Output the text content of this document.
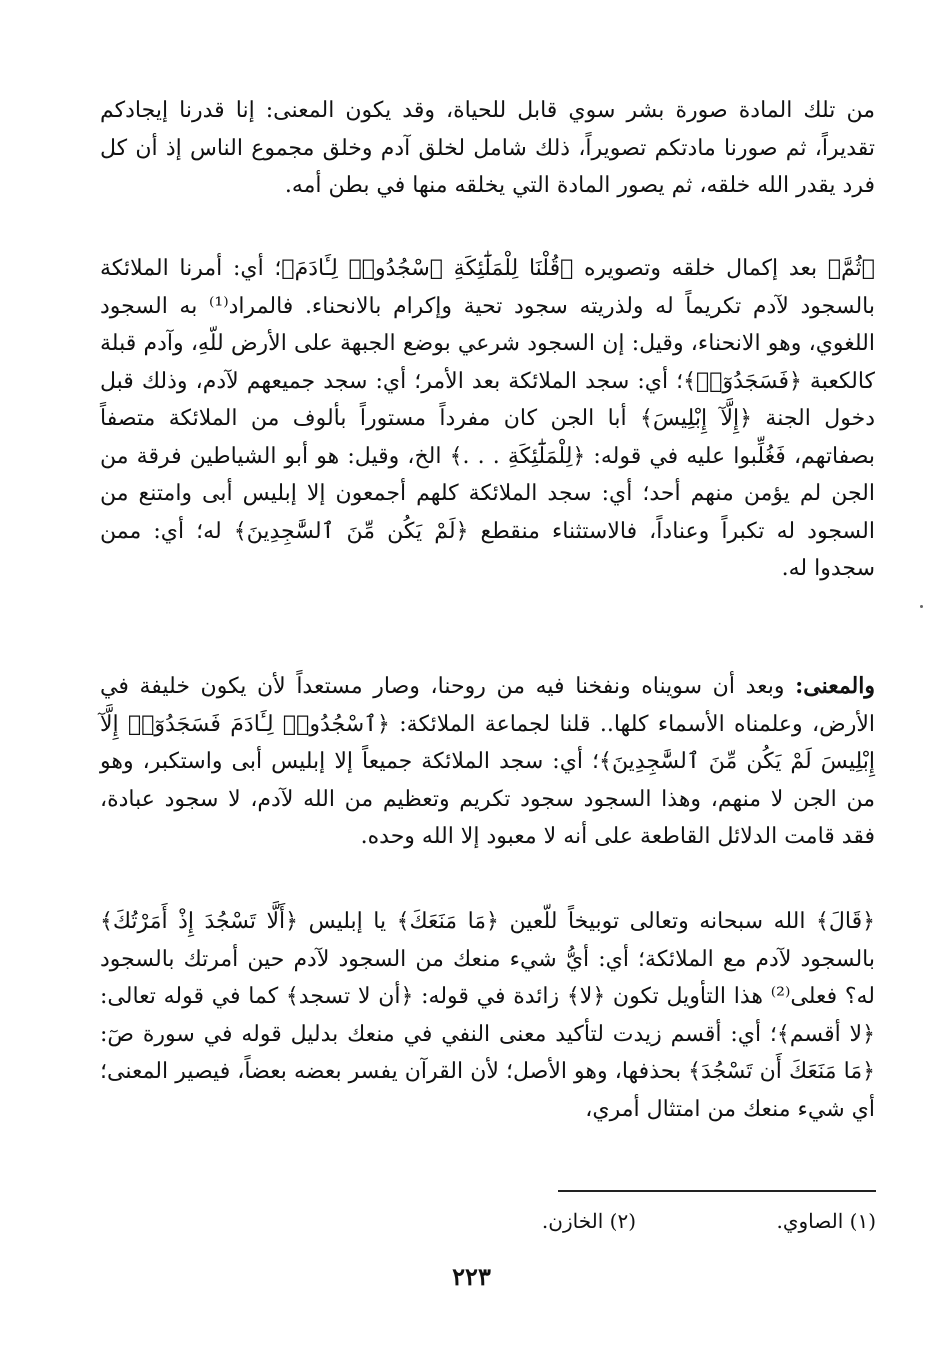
من تلك المادة صورة بشر سوي قابل للحياة، وقد يكون المعنى: إنا قدرنا إيجادكم تقديراً، ثم صورنا مادتكم تصويراً، ذلك شامل لخلق آدم وخلق مجموع الناس إذ أن كل فرد يقدر الله خلقه، ثم يصور المادة التي يخلقه منها في بطن أمه.
﴿ثُمَّ﴾ بعد إكمال خلقه وتصويره ﴿قُلْنَا لِلْمَلَٰٓئِكَةِ ٱسْجُدُوا۟ لِـَٔادَمَ﴾؛ أي: أمرنا الملائكة بالسجود لآدم تكريماً له ولذريته سجود تحية وإكرام بالانحناء. فالمراد⁽¹⁾ به السجود اللغوي، وهو الانحناء، وقيل: إن السجود شرعي بوضع الجبهة على الأرض للّهِ، وآدم قبلة كالكعبة ﴿فَسَجَدُوٓا۟﴾؛ أي: سجد الملائكة بعد الأمر؛ أي: سجد جميعهم لآدم، وذلك قبل دخول الجنة ﴿إِلَّآ إِبْلِيسَ﴾ أبا الجن كان مفرداً مستوراً بألوف من الملائكة متصفاً بصفاتهم، فَغُلِّبوا عليه في قوله: ﴿لِلْمَلَٰٓئِكَةِ . . .﴾ الخ، وقيل: هو أبو الشياطين فرقة من الجن لم يؤمن منهم أحد؛ أي: سجد الملائكة كلهم أجمعون إلا إبليس أبى وامتنع من السجود له تكبراً وعناداً، فالاستثناء منقطع ﴿لَمْ يَكُن مِّنَ ٱلسَّٰجِدِينَ﴾ له؛ أي: ممن سجدوا له.
والمعنى: وبعد أن سويناه ونفخنا فيه من روحنا، وصار مستعداً لأن يكون خليفة في الأرض، وعلمناه الأسماء كلها.. قلنا لجماعة الملائكة: ﴿ٱسْجُدُوا۟ لِـَٔادَمَ فَسَجَدُوٓا۟ إِلَّآ إِبْلِيسَ لَمْ يَكُن مِّنَ ٱلسَّٰجِدِينَ﴾؛ أي: سجد الملائكة جميعاً إلا إبليس أبى واستكبر، وهو من الجن لا منهم، وهذا السجود سجود تكريم وتعظيم من الله لآدم، لا سجود عبادة، فقد قامت الدلائل القاطعة على أنه لا معبود إلا الله وحده.
﴿قَالَ﴾ الله سبحانه وتعالى توبيخاً للّعين ﴿مَا مَنَعَكَ﴾ يا إبليس ﴿أَلَّا تَسْجُدَ إِذْ أَمَرْتُكَ﴾ بالسجود لآدم مع الملائكة؛ أي: أيُّ شيء منعك من السجود لآدم حين أمرتك بالسجود له؟ فعلى⁽²⁾ هذا التأويل تكون ﴿لا﴾ زائدة في قوله: ﴿أن لا تسجد﴾ كما في قوله تعالى: ﴿لا أقسم﴾؛ أي: أقسم زيدت لتأكيد معنى النفي في منعك بدليل قوله في سورة صٓ: ﴿مَا مَنَعَكَ أَن تَسْجُدَ﴾ بحذفها، وهو الأصل؛ لأن القرآن يفسر بعضه بعضاً، فيصير المعنى؛ أي شيء منعك من امتثال أمري،
(١) الصاوي.
(٢) الخازن.
٢٢٣
